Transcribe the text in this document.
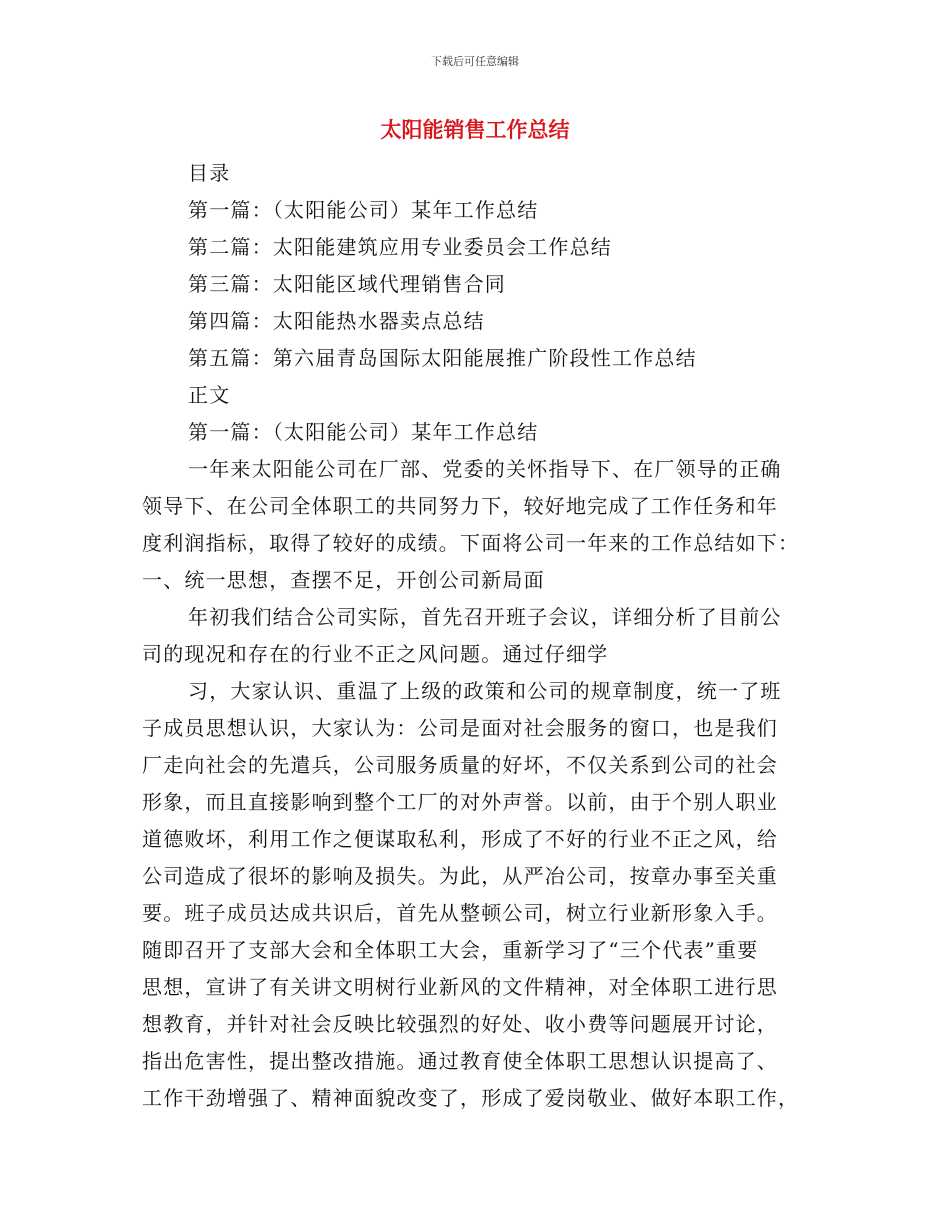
下载后可任意编辑
太阳能销售工作总结
目录
第一篇：（太阳能公司）某年工作总结
第二篇：太阳能建筑应用专业委员会工作总结
第三篇：太阳能区域代理销售合同
第四篇：太阳能热水器卖点总结
第五篇：第六届青岛国际太阳能展推广阶段性工作总结
正文
第一篇：（太阳能公司）某年工作总结
一年来太阳能公司在厂部、党委的关怀指导下、在厂领导的正确
领导下、在公司全体职工的共同努力下，较好地完成了工作任务和年
度利润指标，取得了较好的成绩。下面将公司一年来的工作总结如下：
一、统一思想，查摆不足，开创公司新局面
年初我们结合公司实际，首先召开班子会议，详细分析了目前公
司的现况和存在的行业不正之风问题。通过仔细学
习，大家认识、重温了上级的政策和公司的规章制度，统一了班
子成员思想认识，大家认为：公司是面对社会服务的窗口，也是我们
厂走向社会的先遣兵，公司服务质量的好坏，不仅关系到公司的社会
形象，而且直接影响到整个工厂的对外声誉。以前，由于个别人职业
道德败坏，利用工作之便谋取私利，形成了不好的行业不正之风，给
公司造成了很坏的影响及损失。为此，从严冶公司，按章办事至关重
要。班子成员达成共识后，首先从整顿公司，树立行业新形象入手。
随即召开了支部大会和全体职工大会，重新学习了“三个代表”重要
思想，宣讲了有关讲文明树行业新风的文件精神，对全体职工进行思
想教育，并针对社会反映比较强烈的好处、收小费等问题展开讨论，
指出危害性，提出整改措施。通过教育使全体职工思想认识提高了、
工作干劲增强了、精神面貌改变了，形成了爱岗敬业、做好本职工作，
